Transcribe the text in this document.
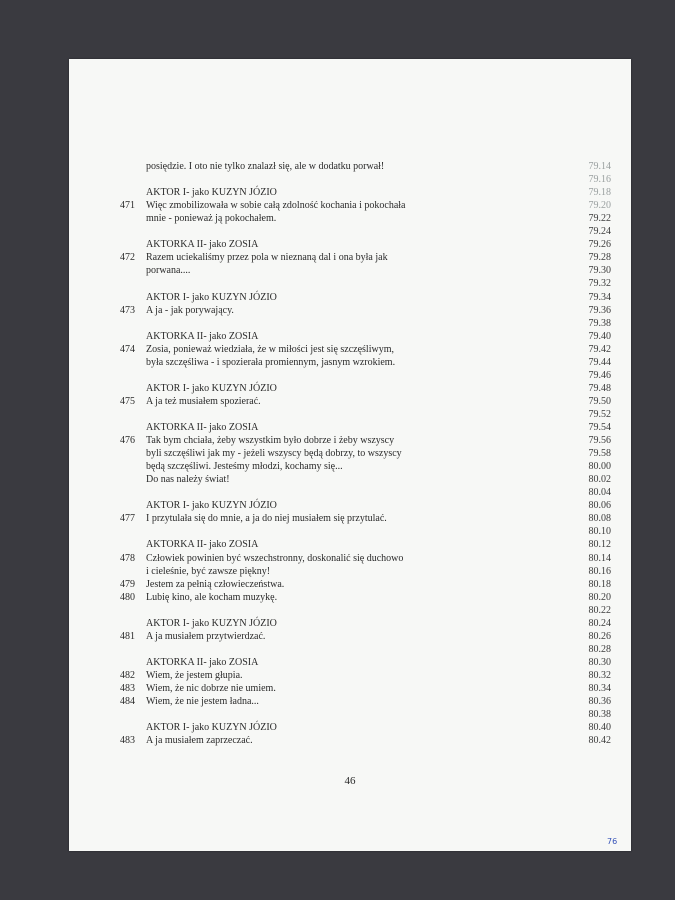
posiędzie. I oto nie tylko znalazł się, ale w dodatku porwał!	79.14
79.16
AKTOR I- jako KUZYN JÓZIO	79.18
471 Więc zmobilizowała w sobie całą zdolność kochania i pokochała	79.20
mnie - ponieważ ją pokochałem.	79.22
79.24
AKTORKA II- jako ZOSIA	79.26
472 Razem uciekaliśmy przez pola w nieznaną dal i ona była jak	79.28
porwana....	79.30
79.32
AKTOR I- jako KUZYN JÓZIO	79.34
473 A ja - jak porywający.	79.36
79.38
AKTORKA II- jako ZOSIA	79.40
474 Zosia, ponieważ wiedziała, że w miłości jest się szczęśliwym,	79.42
była szczęśliwa - i spozierała promiennym, jasnym wzrokiem.	79.44
79.46
AKTOR I- jako KUZYN JÓZIO	79.48
475 A ja też musiałem spozierać.	79.50
79.52
AKTORKA II- jako ZOSIA	79.54
476 Tak bym chciała, żeby wszystkim było dobrze i żeby wszyscy	79.56
byli szczęśliwi jak my - jeżeli wszyscy będą dobrzy, to wszyscy	79.58
będą szczęśliwi. Jesteśmy młodzi, kochamy się...	80.00
Do nas należy świat!	80.02
80.04
AKTOR I- jako KUZYN JÓZIO	80.06
477 I przytulała się do mnie, a ja do niej musiałem się przytulać.	80.08
80.10
AKTORKA II- jako ZOSIA	80.12
478 Człowiek powinien być wszechstronny, doskonalić się duchowo	80.14
i cieleśnie, być zawsze piękny!	80.16
479 Jestem za pełnią człowieczeństwa.	80.18
480 Lubię kino, ale kocham muzykę.	80.20
80.22
AKTOR I- jako KUZYN JÓZIO	80.24
481 A ja musiałem przytwierdzać.	80.26
80.28
AKTORKA II- jako ZOSIA	80.30
482 Wiem, że jestem głupia.	80.32
483 Wiem, że nic dobrze nie umiem.	80.34
484 Wiem, że nie jestem ładna...	80.36
80.38
AKTOR I- jako KUZYN JÓZIO	80.40
483 A ja musiałem zaprzeczać.	80.42
46
76
